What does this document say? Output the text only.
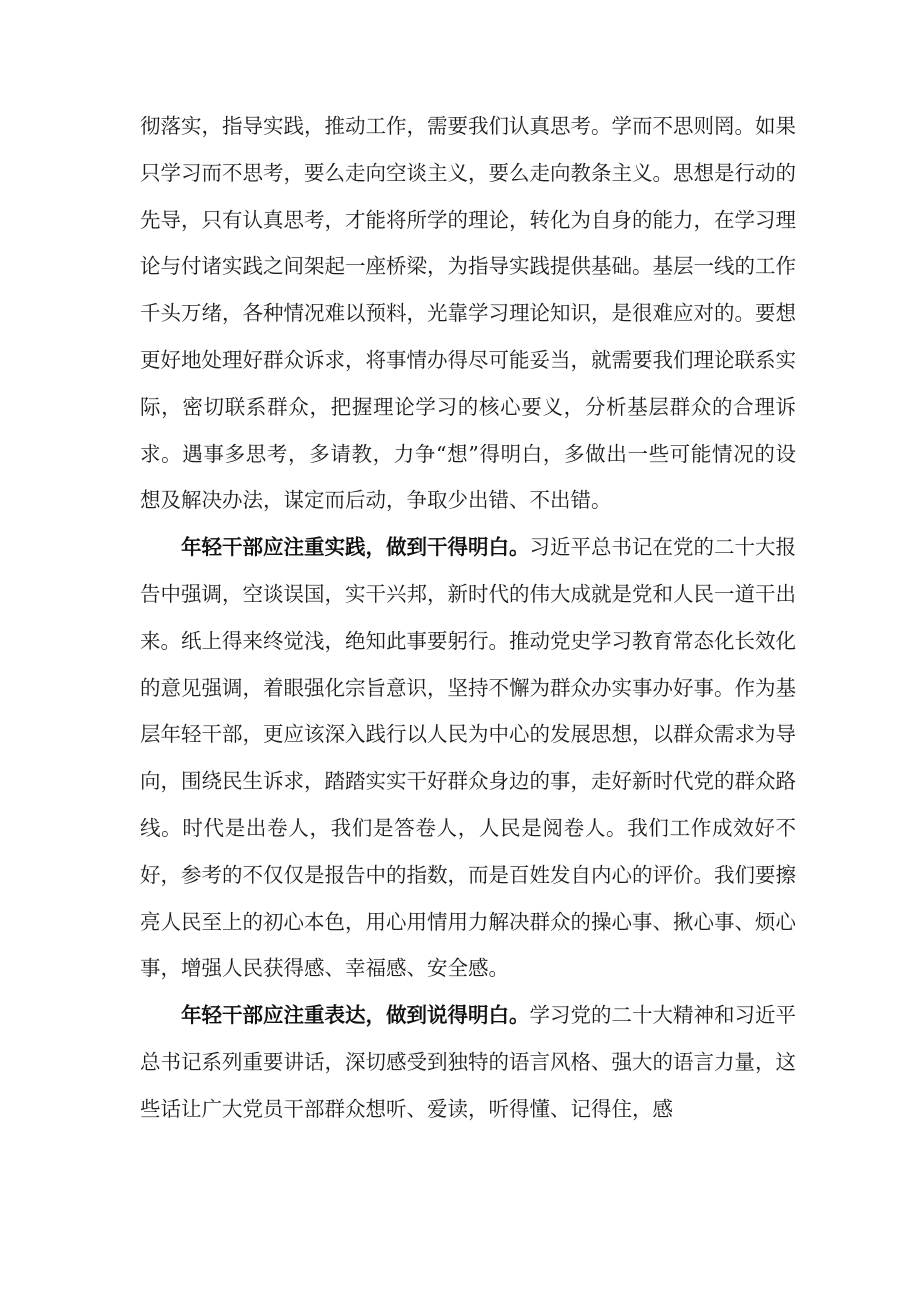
彻落实，指导实践，推动工作，需要我们认真思考。学而不思则罔。如果只学习而不思考，要么走向空谈主义，要么走向教条主义。思想是行动的先导，只有认真思考，才能将所学的理论，转化为自身的能力，在学习理论与付诸实践之间架起一座桥梁，为指导实践提供基础。基层一线的工作千头万绪，各种情况难以预料，光靠学习理论知识，是很难应对的。要想更好地处理好群众诉求，将事情办得尽可能妥当，就需要我们理论联系实际，密切联系群众，把握理论学习的核心要义，分析基层群众的合理诉求。遇事多思考，多请教，力争“想”得明白，多做出一些可能情况的设想及解决办法，谋定而后动，争取少出错、不出错。

年轻干部应注重实践，做到干得明白。习近平总书记在党的二十大报告中强调，空谈误国，实干兴邦，新时代的伟大成就是党和人民一道干出来。纸上得来终觉浅，绝知此事要躬行。推动党史学习教育常态化长效化的意见强调，着眼强化宗旨意识，坚持不懈为群众办实事办好事。作为基层年轻干部，更应该深入践行以人民为中心的发展思想，以群众需求为导向，围绕民生诉求，踏踏实实干好群众身边的事，走好新时代党的群众路线。时代是出卷人，我们是答卷人，人民是阅卷人。我们工作成效好不好，参考的不仅仅是报告中的指数，而是百姓发自内心的评价。我们要擦亮人民至上的初心本色，用心用情用力解决群众的操心事、揪心事、烦心事，增强人民获得感、幸福感、安全感。

年轻干部应注重表达，做到说得明白。学习党的二十大精神和习近平总书记系列重要讲话，深切感受到独特的语言风格、强大的语言力量，这些话让广大党员干部群众想听、爱读，听得懂、记得住，感
